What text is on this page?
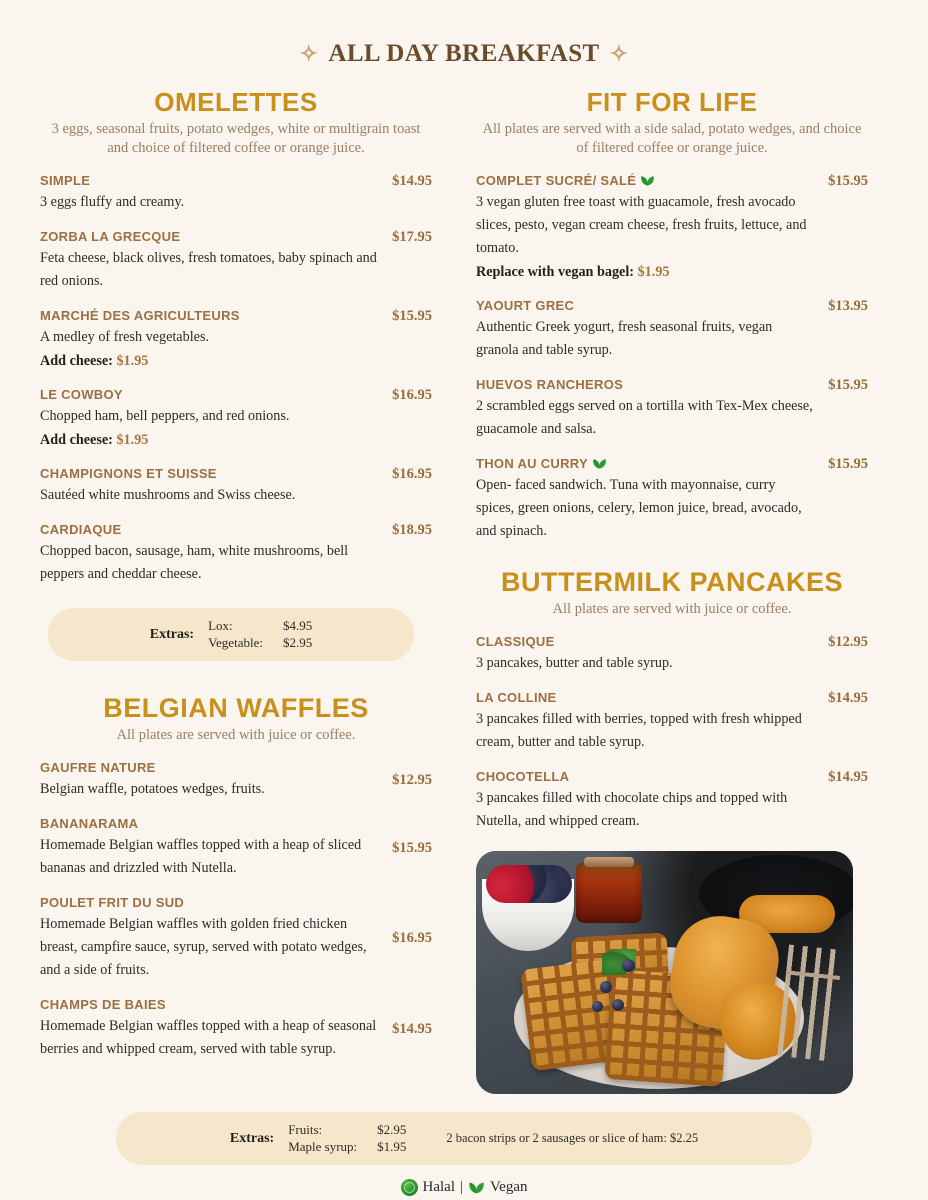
✧ ALL DAY BREAKFAST ✧
OMELETTES
3 eggs, seasonal fruits, potato wedges, white or multigrain toast and choice of filtered coffee or orange juice.
SIMPLE
3 eggs fluffy and creamy.
$14.95
ZORBA LA GRECQUE
Feta cheese, black olives, fresh tomatoes, baby spinach and red onions.
$17.95
MARCHÉ DES AGRICULTEURS
A medley of fresh vegetables.
Add cheese: $1.95
$15.95
LE COWBOY
Chopped ham, bell peppers, and red onions.
Add cheese: $1.95
$16.95
CHAMPIGNONS ET SUISSE
Sautéed white mushrooms and Swiss cheese.
$16.95
CARDIAQUE
Chopped bacon, sausage, ham, white mushrooms, bell peppers and cheddar cheese.
$18.95
Extras:
Lox:	$4.95
Vegetable: $2.95
BELGIAN WAFFLES
All plates are served with juice or coffee.
GAUFRE NATURE
Belgian waffle, potatoes wedges, fruits.
$12.95
BANANARAMA
Homemade Belgian waffles topped with a heap of sliced bananas and drizzled with Nutella.
$15.95
POULET FRIT DU SUD
Homemade Belgian waffles with golden fried chicken breast, campfire sauce, syrup, served with potato wedges, and a side of fruits.
$16.95
CHAMPS DE BAIES
Homemade Belgian waffles topped with a heap of seasonal berries and whipped cream, served with table syrup.
$14.95
FIT FOR LIFE
All plates are served with a side salad, potato wedges, and choice of filtered coffee or orange juice.
COMPLET SUCRÉ/ SALÉ
3 vegan gluten free toast with guacamole, fresh avocado slices, pesto, vegan cream cheese, fresh fruits, lettuce, and tomato.
Replace with vegan bagel: $1.95
$15.95
YAOURT GREC
Authentic Greek yogurt, fresh seasonal fruits, vegan granola and table syrup.
$13.95
HUEVOS RANCHEROS
2 scrambled eggs served on a tortilla with Tex-Mex cheese, guacamole and salsa.
$15.95
THON AU CURRY
Open- faced sandwich. Tuna with mayonnaise, curry spices, green onions, celery, lemon juice, bread, avocado, and spinach.
$15.95
BUTTERMILK PANCAKES
All plates are served with juice or coffee.
CLASSIQUE
3 pancakes, butter and table syrup.
$12.95
LA COLLINE
3 pancakes filled with berries, topped with fresh whipped cream, butter and table syrup.
$14.95
CHOCOTELLA
3 pancakes filled with chocolate chips and topped with Nutella, and whipped cream.
$14.95
Extras:
Fruits:	$2.95
Maple syrup: $1.95
2 bacon strips or 2 sausages or slice of ham: $2.25
Halal | Vegan
